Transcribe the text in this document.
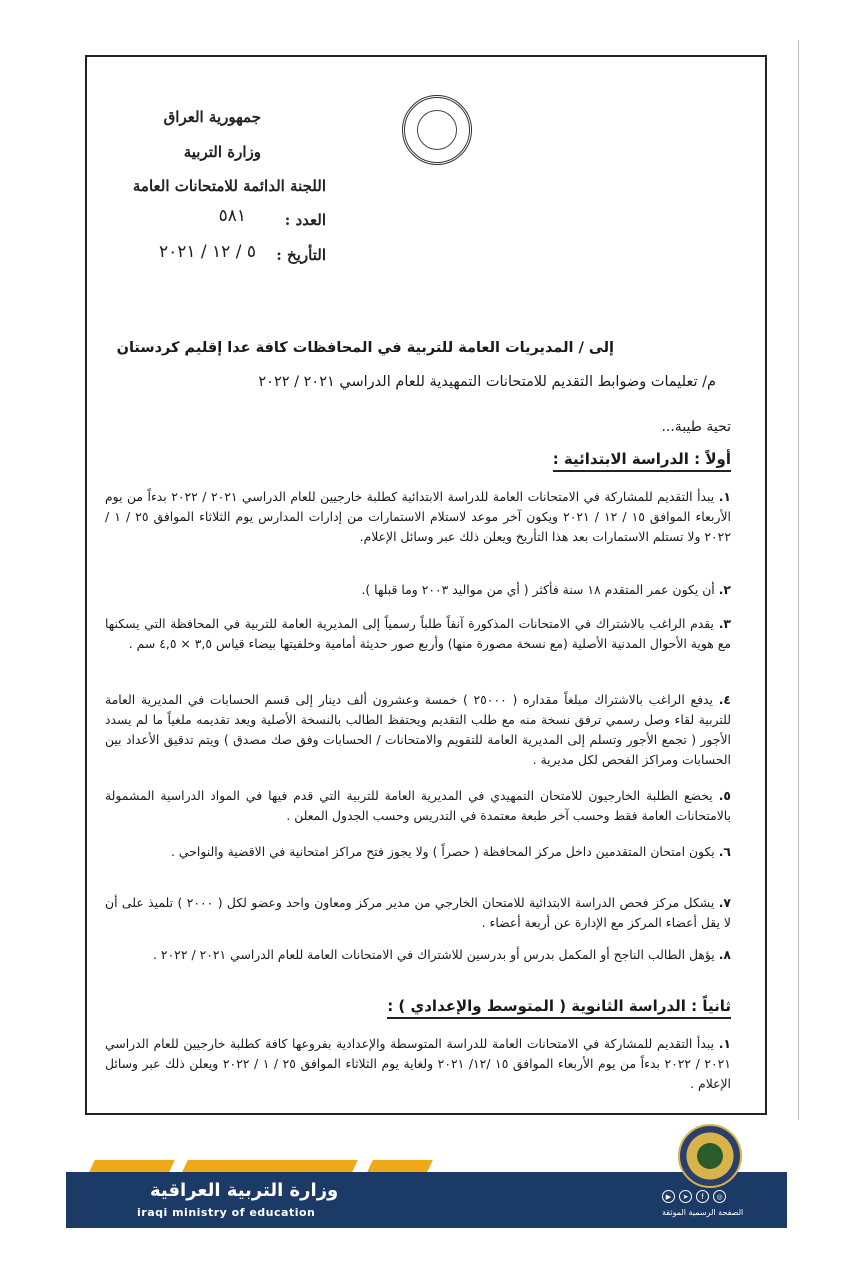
جمهورية العراق
وزارة التربية
اللجنة الدائمة للامتحانات العامة
العدد :
٥٨١
التأريخ :
٥ / ١٢ / ٢٠٢١
إلى / المديريات العامة للتربية في المحافظات كافة عدا إقليم كردستان
م/ تعليمات وضوابط التقديم للامتحانات التمهيدية للعام الدراسي ٢٠٢١ / ٢٠٢٢
تحية طيبة...
أولاً : الدراسة الابتدائية :
١. يبدأ التقديم للمشاركة في الامتحانات العامة للدراسة الابتدائية كطلبة خارجيين للعام الدراسي ٢٠٢١ / ٢٠٢٢ بدءاً من يوم الأربعاء الموافق ١٥ / ١٢ / ٢٠٢١ ويكون آخر موعد لاستلام الاستمارات من إدارات المدارس يوم الثلاثاء الموافق ٢٥ / ١ / ٢٠٢٢ ولا تستلم الاستمارات بعد هذا التأريخ ويعلن ذلك عبر وسائل الإعلام.
٢. أن يكون عمر المتقدم ١٨ سنة فأكثر ( أي من مواليد ٢٠٠٣ وما قبلها ).
٣. يقدم الراغب بالاشتراك في الامتحانات المذكورة آنفاً طلباً رسمياً إلى المديرية العامة للتربية في المحافظة التي يسكنها مع هوية الأحوال المدنية الأصلية (مع نسخة مصورة منها) وأربع صور حديثة أمامية وخلفيتها بيضاء قياس ٣,٥ × ٤,٥ سم .
٤. يدفع الراغب بالاشتراك مبلغاً مقداره ( ٢٥٠٠٠ ) خمسة وعشرون ألف دينار إلى قسم الحسابات في المديرية العامة للتربية لقاء وصل رسمي ترفق نسخة منه مع طلب التقديم ويحتفظ الطالب بالنسخة الأصلية ويعد تقديمه ملغياً ما لم يسدد الأجور ( تجمع الأجور وتسلم إلى المديرية العامة للتقويم والامتحانات / الحسابات وفق صك مصدق ) ويتم تدقيق الأعداد بين الحسابات ومراكز الفحص لكل مديرية .
٥. يخضع الطلبة الخارجيون للامتحان التمهيدي في المديرية العامة للتربية التي قدم فيها في المواد الدراسية المشمولة بالامتحانات العامة فقط وحسب آخر طبعة معتمدة في التدريس وحسب الجدول المعلن .
٦. يكون امتحان المتقدمين داخل مركز المحافظة ( حصراً ) ولا يجوز فتح مراكز امتحانية في الاقضية والنواحي .
٧. يشكل مركز فحص الدراسة الابتدائية للامتحان الخارجي من مدير مركز ومعاون واحد وعضو لكل ( ٢٠٠٠ ) تلميذ على أن لا يقل أعضاء المركز مع الإدارة عن أربعة أعضاء .
٨. يؤهل الطالب الناجح أو المكمل بدرس أو بدرسين للاشتراك في الامتحانات العامة للعام الدراسي ٢٠٢١ / ٢٠٢٢ .
ثانياً : الدراسة الثانوية ( المتوسط والإعدادي ) :
١. يبدأ التقديم للمشاركة في الامتحانات العامة للدراسة المتوسطة والإعدادية بفروعها كافة كطلبة خارجيين للعام الدراسي ٢٠٢١ / ٢٠٢٢ بدءاً من يوم الأربعاء الموافق ١٥ /١٢/ ٢٠٢١ ولغاية يوم الثلاثاء الموافق ٢٥ / ١ / ٢٠٢٢ ويعلن ذلك عبر وسائل الإعلام .
وزارة التربية العراقية
iraqi ministry of education
▶	➤	f	◎
الصفحة الرسمية الموثقة
